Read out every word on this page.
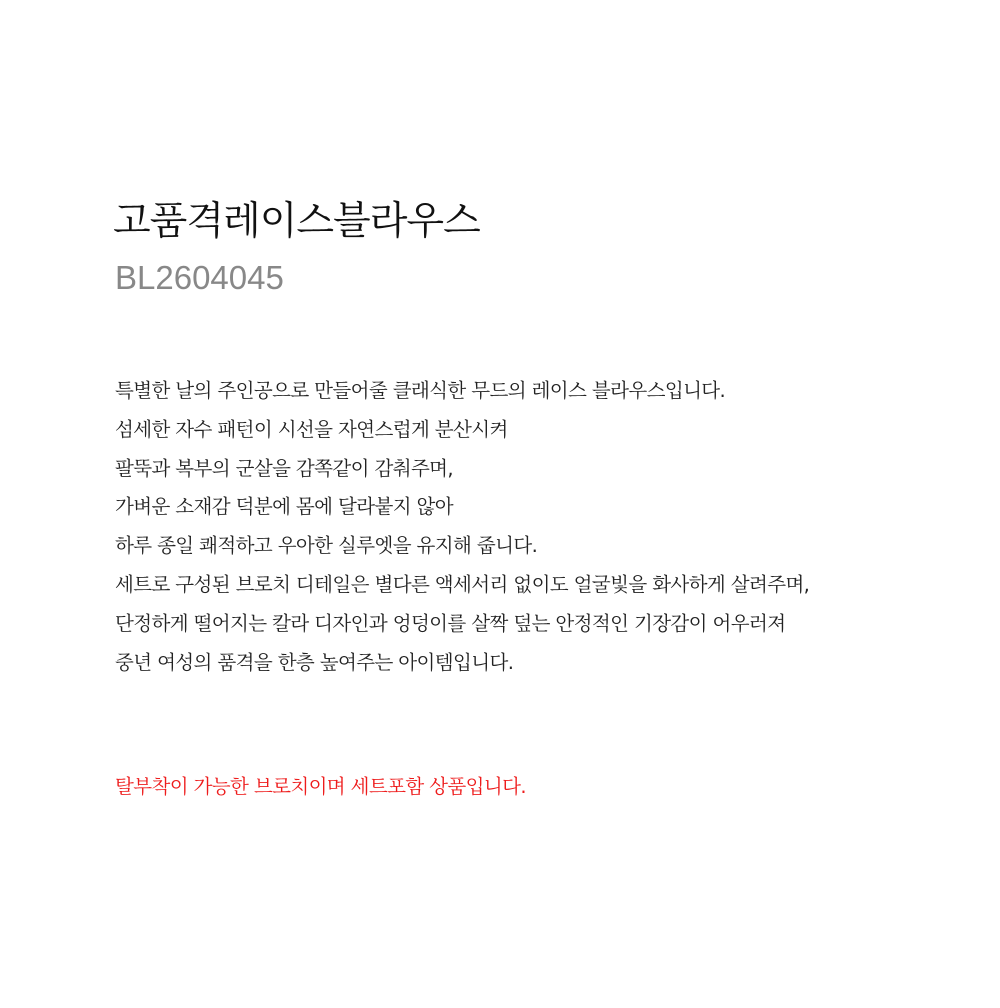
고품격레이스블라우스

BL2604045

특별한 날의 주인공으로 만들어줄 클래식한 무드의 레이스 블라우스입니다.
섬세한 자수 패턴이 시선을 자연스럽게 분산시켜
팔뚝과 복부의 군살을 감쪽같이 감춰주며,
가벼운 소재감 덕분에 몸에 달라붙지 않아
하루 종일 쾌적하고 우아한 실루엣을 유지해 줍니다.
세트로 구성된 브로치 디테일은 별다른 액세서리 없이도 얼굴빛을 화사하게 살려주며,
단정하게 떨어지는 칼라 디자인과 엉덩이를 살짝 덮는 안정적인 기장감이 어우러져
중년 여성의 품격을 한층 높여주는 아이템입니다.

탈부착이 가능한 브로치이며 세트포함 상품입니다.
